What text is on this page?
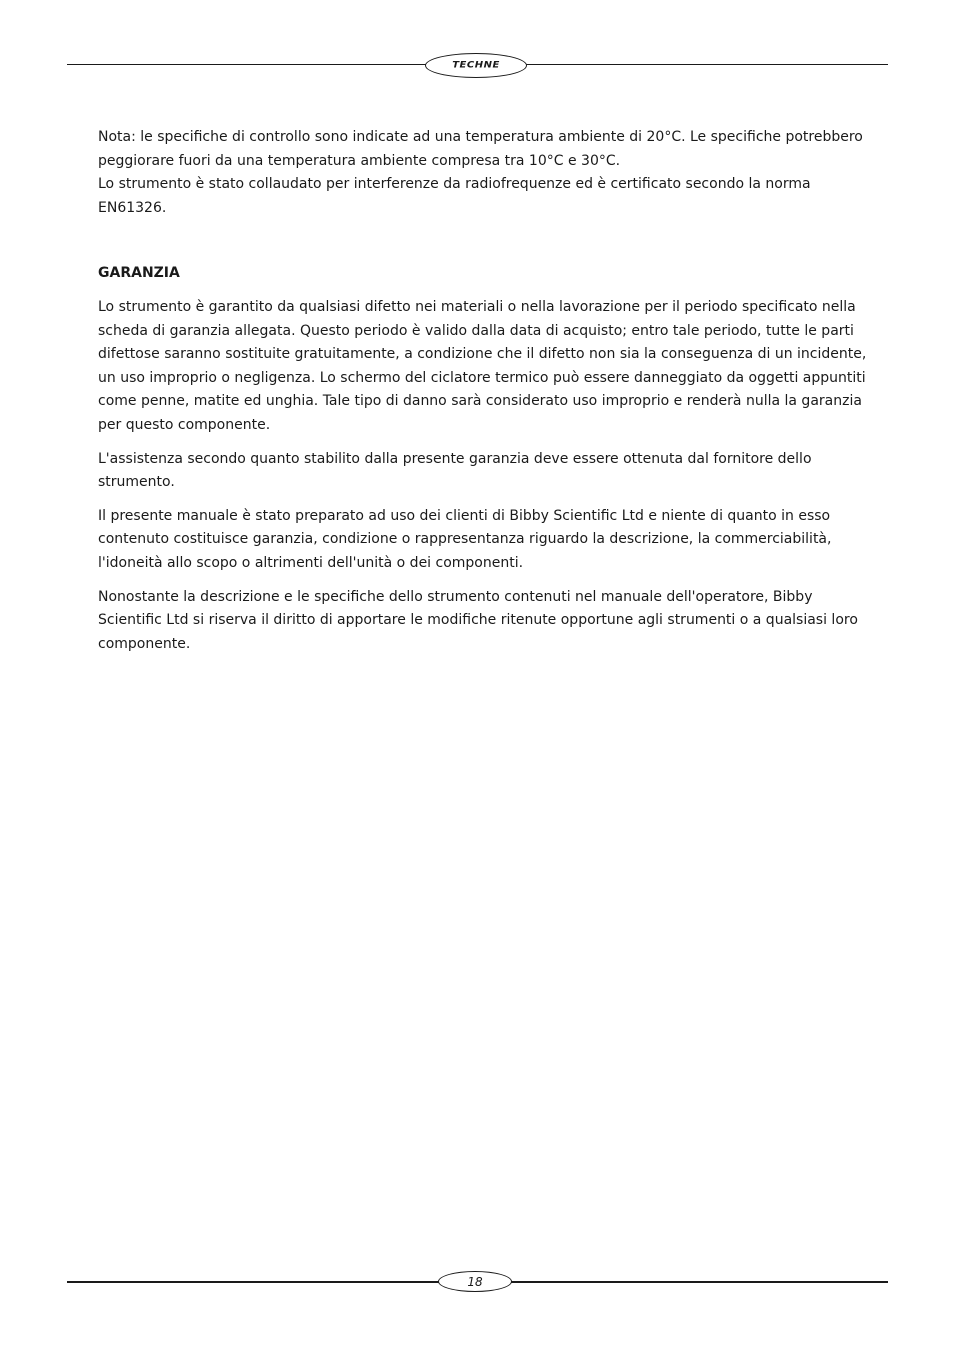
TECHNE

Nota: le specifiche di controllo sono indicate ad una temperatura ambiente di 20°C. Le specifiche potrebbero peggiorare fuori da una temperatura ambiente compresa tra 10°C e 30°C.

Lo strumento è stato collaudato per interferenze da radiofrequenze ed è certificato secondo la norma EN61326.

GARANZIA

Lo strumento è garantito da qualsiasi difetto nei materiali o nella lavorazione per il periodo specificato nella scheda di garanzia allegata. Questo periodo è valido dalla data di acquisto; entro tale periodo, tutte le parti difettose saranno sostituite gratuitamente, a condizione che il difetto non sia la conseguenza di un incidente, un uso improprio o negligenza. Lo schermo del ciclatore termico può essere danneggiato da oggetti appuntiti come penne, matite ed unghia. Tale tipo di danno sarà considerato uso improprio e renderà nulla la garanzia per questo componente.

L'assistenza secondo quanto stabilito dalla presente garanzia deve essere ottenuta dal fornitore dello strumento.

Il presente manuale è stato preparato ad uso dei clienti di Bibby Scientific Ltd e niente di quanto in esso contenuto costituisce garanzia, condizione o rappresentanza riguardo la descrizione, la commerciabilità, l'idoneità allo scopo o altrimenti dell'unità o dei componenti.

Nonostante la descrizione e le specifiche dello strumento contenuti nel manuale dell'operatore, Bibby Scientific Ltd si riserva il diritto di apportare le modifiche ritenute opportune agli strumenti o a qualsiasi loro componente.

18
